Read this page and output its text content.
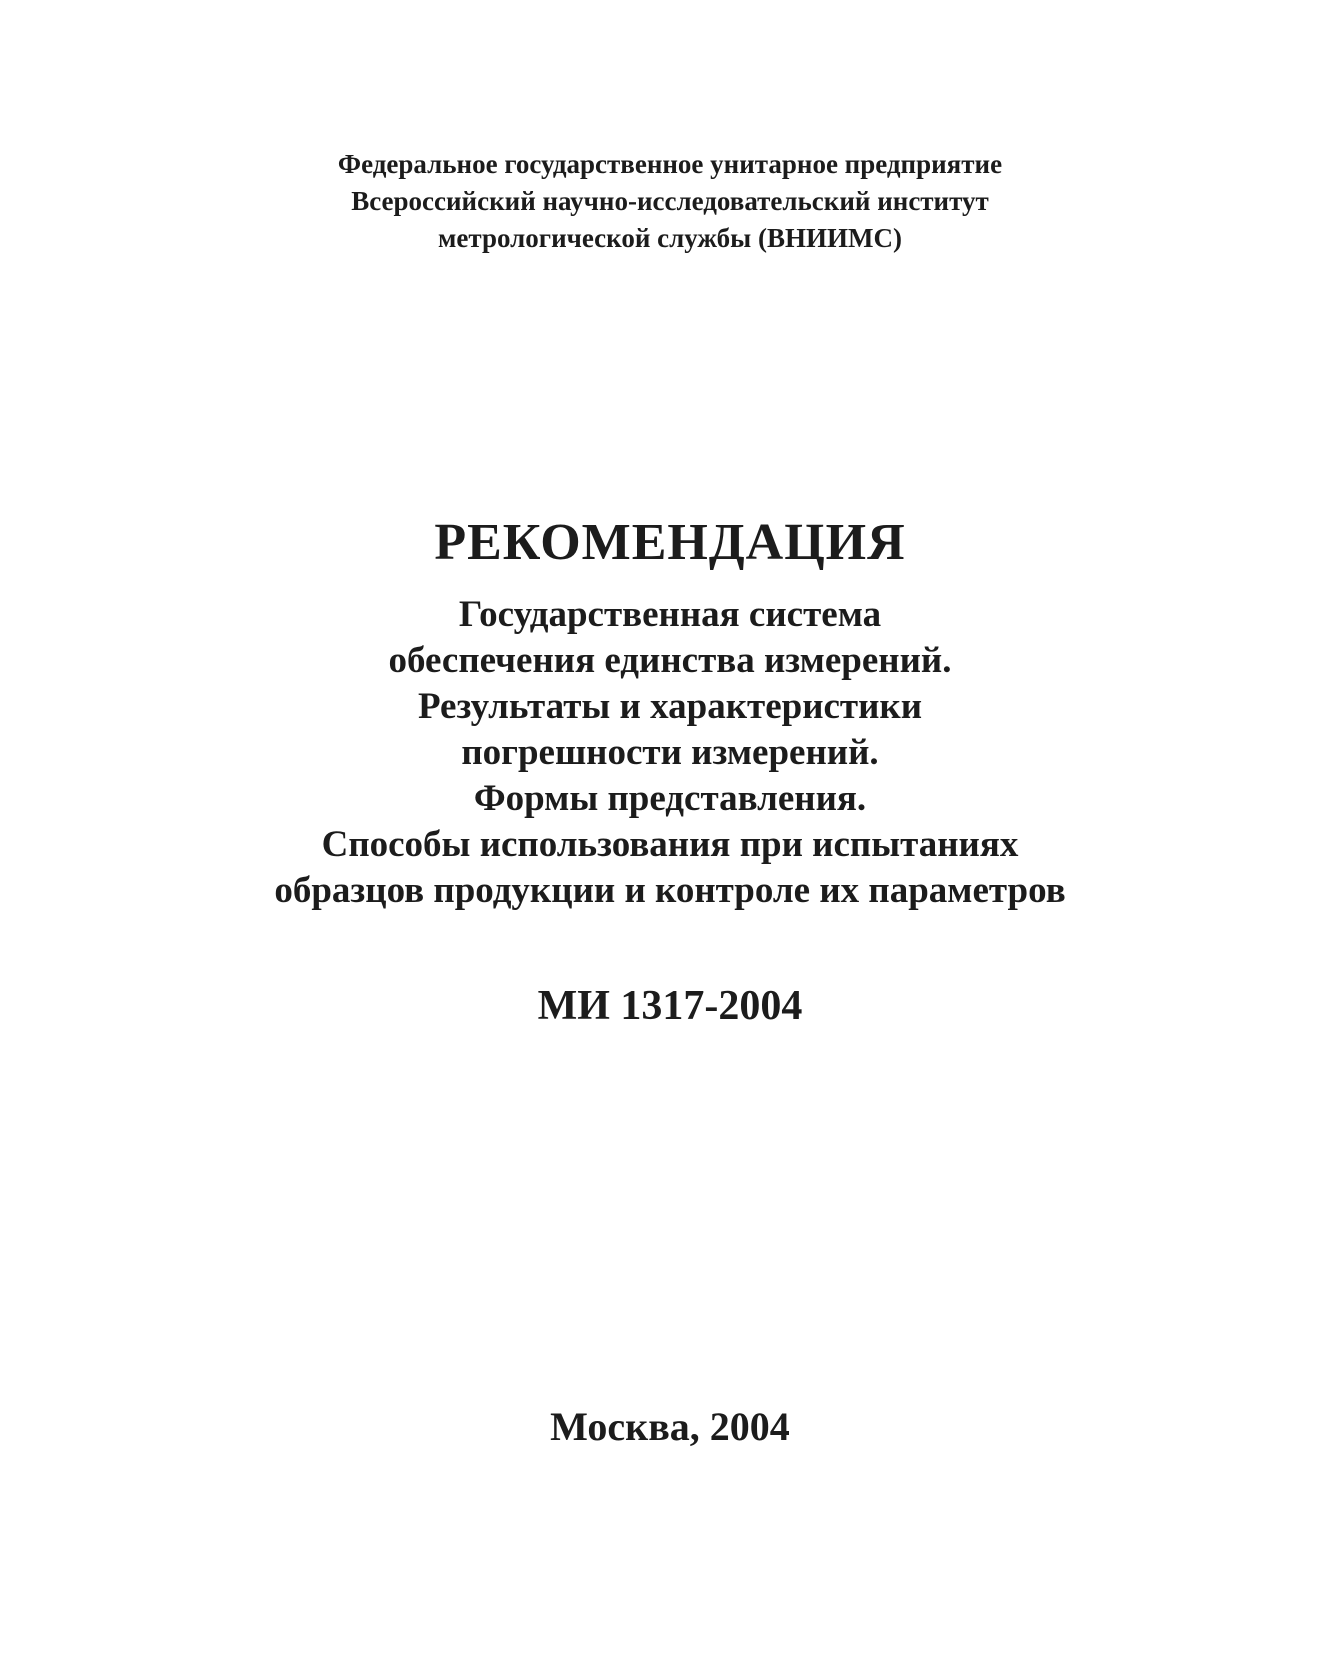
Федеральное государственное унитарное предприятие
Всероссийский научно-исследовательский институт
метрологической службы (ВНИИМС)
РЕКОМЕНДАЦИЯ
Государственная система
обеспечения единства измерений.
Результаты и характеристики
погрешности измерений.
Формы представления.
Способы использования при испытаниях
образцов продукции и контроле их параметров
МИ 1317-2004
Москва, 2004
